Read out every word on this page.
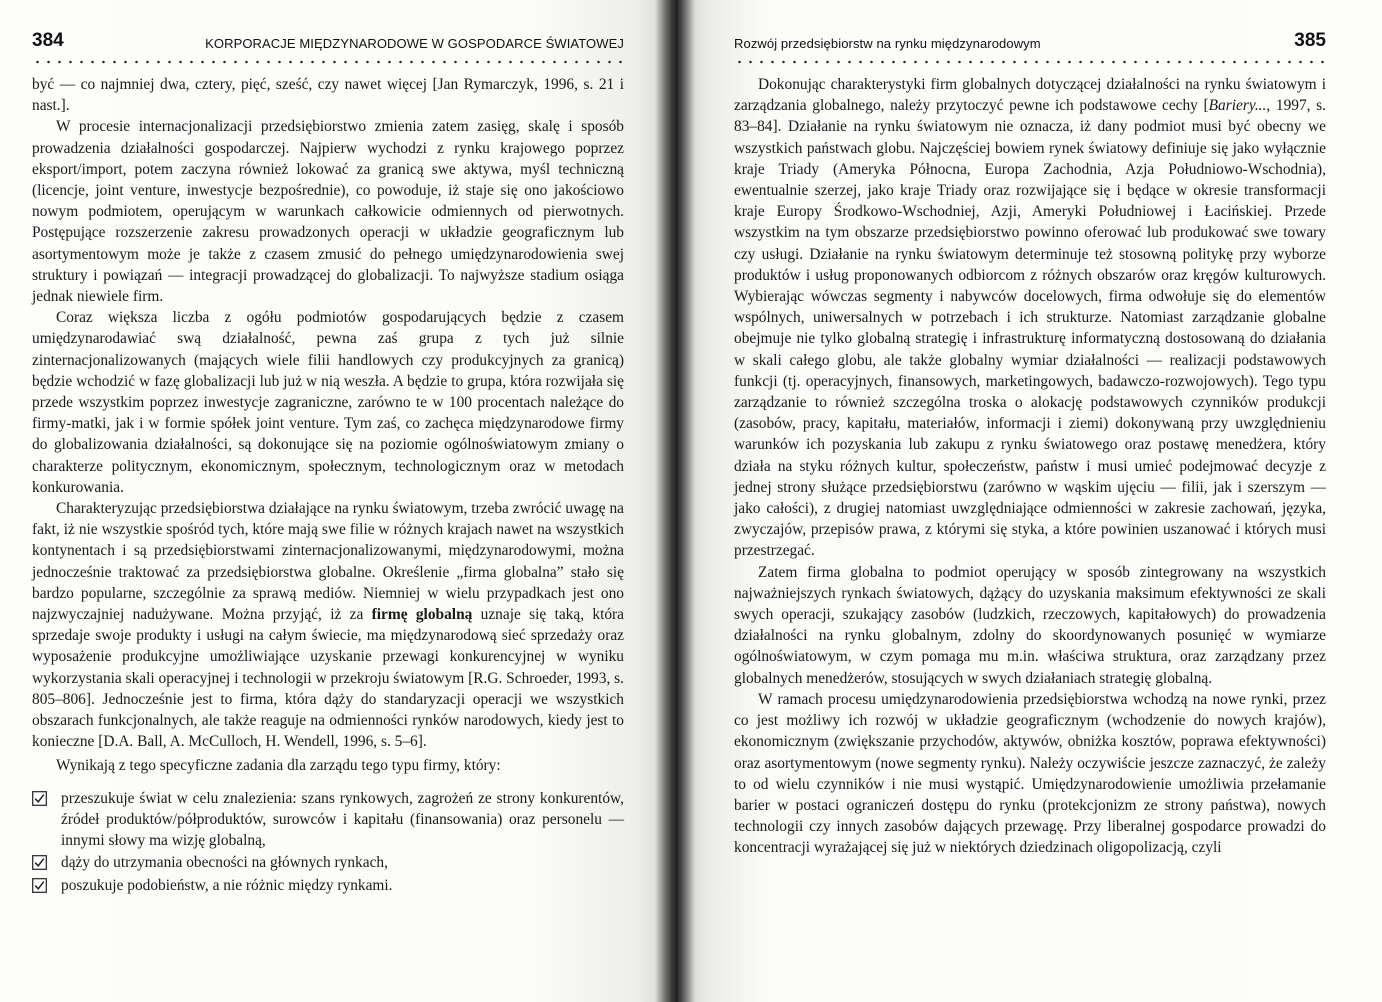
384	KORPORACJE MIĘDZYNARODOWE W GOSPODARCE ŚWIATOWEJ

być — co najmniej dwa, cztery, pięć, sześć, czy nawet więcej [Jan Rymarczyk, 1996, s. 21 i nast.].

W procesie internacjonalizacji przedsiębiorstwo zmienia zatem zasięg, skalę i sposób prowadzenia działalności gospodarczej. Najpierw wychodzi z rynku krajowego poprzez eksport/import, potem zaczyna również lokować za granicą swe aktywa, myśl techniczną (licencje, joint venture, inwestycje bezpośrednie), co powoduje, iż staje się ono jakościowo nowym podmiotem, operującym w warunkach całkowicie odmiennych od pierwotnych. Postępujące rozszerzenie zakresu prowadzonych operacji w układzie geograficznym lub asortymentowym może je także z czasem zmusić do pełnego umiędzynarodowienia swej struktury i powiązań — integracji prowadzącej do globalizacji. To najwyższe stadium osiąga jednak niewiele firm.

Coraz większa liczba z ogółu podmiotów gospodarujących będzie z czasem umiędzynarodawiać swą działalność, pewna zaś grupa z tych już silnie zinternacjonalizowanych (mających wiele filii handlowych czy produkcyjnych za granicą) będzie wchodzić w fazę globalizacji lub już w nią weszła. A będzie to grupa, która rozwijała się przede wszystkim poprzez inwestycje zagraniczne, zarówno te w 100 procentach należące do firmy-matki, jak i w formie spółek joint venture. Tym zaś, co zachęca międzynarodowe firmy do globalizowania działalności, są dokonujące się na poziomie ogólnoświatowym zmiany o charakterze politycznym, ekonomicznym, społecznym, technologicznym oraz w metodach konkurowania.

Charakteryzując przedsiębiorstwa działające na rynku światowym, trzeba zwrócić uwagę na fakt, iż nie wszystkie spośród tych, które mają swe filie w różnych krajach nawet na wszystkich kontynentach i są przedsiębiorstwami zinternacjonalizowanymi, międzynarodowymi, można jednocześnie traktować za przedsiębiorstwa globalne. Określenie „firma globalna” stało się bardzo popularne, szczególnie za sprawą mediów. Niemniej w wielu przypadkach jest ono najzwyczajniej nadużywane. Można przyjąć, iż za firmę globalną uznaje się taką, która sprzedaje swoje produkty i usługi na całym świecie, ma międzynarodową sieć sprzedaży oraz wyposażenie produkcyjne umożliwiające uzyskanie przewagi konkurencyjnej w wyniku wykorzystania skali operacyjnej i technologii w przekroju światowym [R.G. Schroeder, 1993, s. 805–806]. Jednocześnie jest to firma, która dąży do standaryzacji operacji we wszystkich obszarach funkcjonalnych, ale także reaguje na odmienności rynków narodowych, kiedy jest to konieczne [D.A. Ball, A. McCulloch, H. Wendell, 1996, s. 5–6].

Wynikają z tego specyficzne zadania dla zarządu tego typu firmy, który:

przeszukuje świat w celu znalezienia: szans rynkowych, zagrożeń ze strony konkurentów, źródeł produktów/półproduktów, surowców i kapitału (finansowania) oraz personelu — innymi słowy ma wizję globalną,
dąży do utrzymania obecności na głównych rynkach,
poszukuje podobieństw, a nie różnic między rynkami.
Rozwój przedsiębiorstw na rynku międzynarodowym	385

Dokonując charakterystyki firm globalnych dotyczącej działalności na rynku światowym i zarządzania globalnego, należy przytoczyć pewne ich podstawowe cechy [Bariery..., 1997, s. 83–84]. Działanie na rynku światowym nie oznacza, iż dany podmiot musi być obecny we wszystkich państwach globu. Najczęściej bowiem rynek światowy definiuje się jako wyłącznie kraje Triady (Ameryka Północna, Europa Zachodnia, Azja Południowo-Wschodnia), ewentualnie szerzej, jako kraje Triady oraz rozwijające się i będące w okresie transformacji kraje Europy Środkowo-Wschodniej, Azji, Ameryki Południowej i Łacińskiej. Przede wszystkim na tym obszarze przedsiębiorstwo powinno oferować lub produkować swe towary czy usługi. Działanie na rynku światowym determinuje też stosowną politykę przy wyborze produktów i usług proponowanych odbiorcom z różnych obszarów oraz kręgów kulturowych. Wybierając wówczas segmenty i nabywców docelowych, firma odwołuje się do elementów wspólnych, uniwersalnych w potrzebach i ich strukturze. Natomiast zarządzanie globalne obejmuje nie tylko globalną strategię i infrastrukturę informatyczną dostosowaną do działania w skali całego globu, ale także globalny wymiar działalności — realizacji podstawowych funkcji (tj. operacyjnych, finansowych, marketingowych, badawczo-rozwojowych). Tego typu zarządzanie to również szczególna troska o alokację podstawowych czynników produkcji (zasobów, pracy, kapitału, materiałów, informacji i ziemi) dokonywaną przy uwzględnieniu warunków ich pozyskania lub zakupu z rynku światowego oraz postawę menedżera, który działa na styku różnych kultur, społeczeństw, państw i musi umieć podejmować decyzje z jednej strony służące przedsiębiorstwu (zarówno w wąskim ujęciu — filii, jak i szerszym — jako całości), z drugiej natomiast uwzględniające odmienności w zakresie zachowań, języka, zwyczajów, przepisów prawa, z którymi się styka, a które powinien uszanować i których musi przestrzegać.

Zatem firma globalna to podmiot operujący w sposób zintegrowany na wszystkich najważniejszych rynkach światowych, dążący do uzyskania maksimum efektywności ze skali swych operacji, szukający zasobów (ludzkich, rzeczowych, kapitałowych) do prowadzenia działalności na rynku globalnym, zdolny do skoordynowanych posunięć w wymiarze ogólnoświatowym, w czym pomaga mu m.in. właściwa struktura, oraz zarządzany przez globalnych menedżerów, stosujących w swych działaniach strategię globalną.

W ramach procesu umiędzynarodowienia przedsiębiorstwa wchodzą na nowe rynki, przez co jest możliwy ich rozwój w układzie geograficznym (wchodzenie do nowych krajów), ekonomicznym (zwiększanie przychodów, aktywów, obniżka kosztów, poprawa efektywności) oraz asortymentowym (nowe segmenty rynku). Należy oczywiście jeszcze zaznaczyć, że zależy to od wielu czynników i nie musi wystąpić. Umiędzynarodowienie umożliwia przełamanie barier w postaci ograniczeń dostępu do rynku (protekcjonizm ze strony państwa), nowych technologii czy innych zasobów dających przewagę. Przy liberalnej gospodarce prowadzi do koncentracji wyrażającej się już w niektórych dziedzinach oligopolizacją, czyli
